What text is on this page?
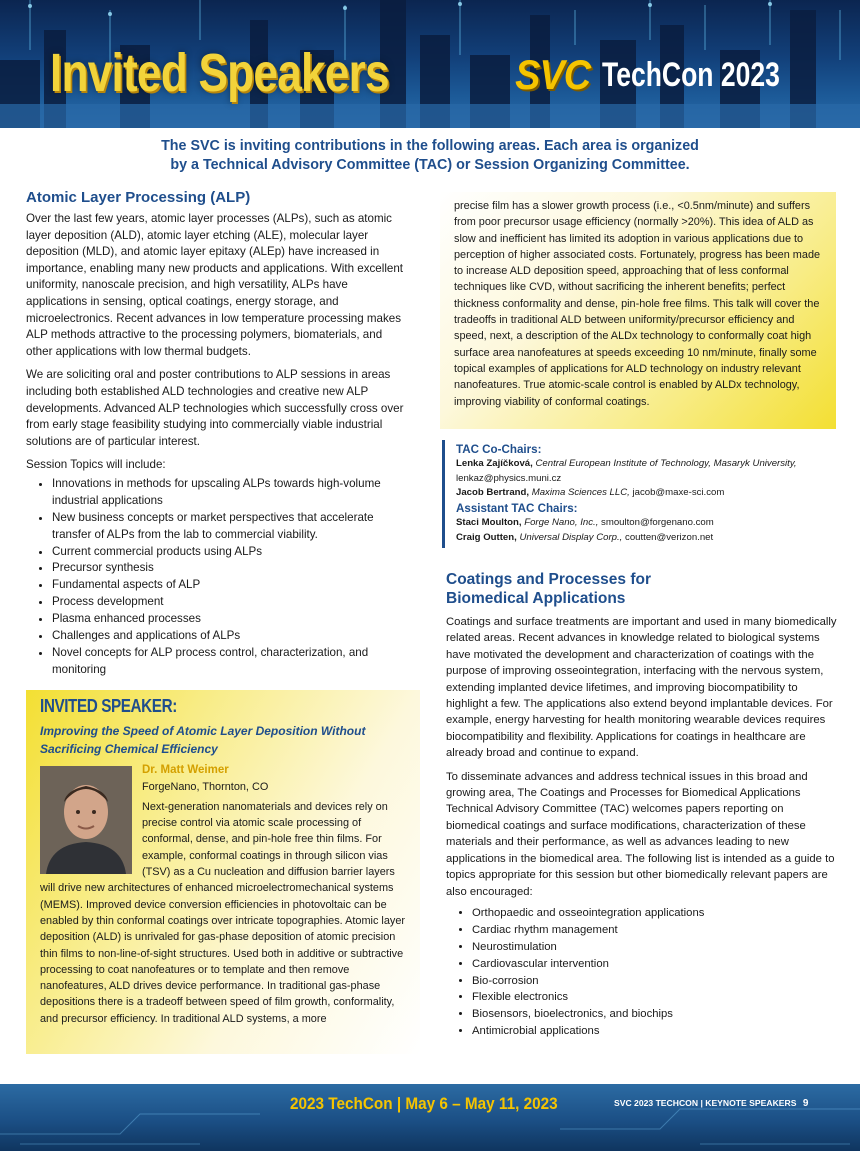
Invited Speakers	SVC TechCon 2023
The SVC is inviting contributions in the following areas. Each area is organized
by a Technical Advisory Committee (TAC) or Session Organizing Committee.
Atomic Layer Processing (ALP)

Over the last few years, atomic layer processes (ALPs), such as atomic layer deposition (ALD), atomic layer etching (ALE), molecular layer deposition (MLD), and atomic layer epitaxy (ALEp) have increased in importance, enabling many new products and applications. With excellent uniformity, nanoscale precision, and high versatility, ALPs have applications in sensing, optical coatings, energy storage, and microelectronics. Recent advances in low temperature processing makes ALP methods attractive to the processing polymers, biomaterials, and other applications with low thermal budgets.

We are soliciting oral and poster contributions to ALP sessions in areas including both established ALD technologies and creative new ALP developments. Advanced ALP technologies which successfully cross over from early stage feasibility studying into commercially viable industrial solutions are of particular interest.

Session Topics will include:
• Innovations in methods for upscaling ALPs towards high-volume industrial applications
• New business concepts or market perspectives that accelerate transfer of ALPs from the lab to commercial viability.
• Current commercial products using ALPs
• Precursor synthesis
• Fundamental aspects of ALP
• Process development
• Plasma enhanced processes
• Challenges and applications of ALPs
• Novel concepts for ALP process control, characterization, and monitoring
INVITED SPEAKER:
Improving the Speed of Atomic Layer Deposition Without Sacrificing Chemical Efficiency
Dr. Matt Weimer
ForgeNano, Thornton, CO
Next-generation nanomaterials and devices rely on precise control via atomic scale processing of conformal, dense, and pin-hole free thin films. For example, conformal coatings in through silicon vias (TSV) as a Cu nucleation and diffusion barrier layers will drive new architectures of enhanced microelectromechanical systems (MEMS). Improved device conversion efficiencies in photovoltaic can be enabled by thin conformal coatings over intricate topographies. Atomic layer deposition (ALD) is unrivaled for gas-phase deposition of atomic precision thin films to non-line-of-sight structures. Used both in additive or subtractive processing to coat nanofeatures or to template and then remove nanofeatures, ALD drives device performance. In traditional gas-phase depositions there is a tradeoff between speed of film growth, conformality, and precursor efficiency. In traditional ALD systems, a more
precise film has a slower growth process (i.e., <0.5nm/minute) and suffers from poor precursor usage efficiency (normally >20%). This idea of ALD as slow and inefficient has limited its adoption in various applications due to perception of higher associated costs. Fortunately, progress has been made to increase ALD deposition speed, approaching that of less conformal techniques like CVD, without sacrificing the inherent benefits; perfect thickness conformality and dense, pin-hole free films. This talk will cover the tradeoffs in traditional ALD between uniformity/precursor efficiency and speed, next, a description of the ALDx technology to conformally coat high surface area nanofeatures at speeds exceeding 10 nm/minute, finally some topical examples of applications for ALD technology on industry relevant nanofeatures. True atomic-scale control is enabled by ALDx technology, improving viability of conformal coatings.
TAC Co-Chairs:
Lenka Zajíčková, Central European Institute of Technology, Masaryk University,
lenkaz@physics.muni.cz
Jacob Bertrand, Maxima Sciences LLC, jacob@maxe-sci.com
Assistant TAC Chairs:
Staci Moulton, Forge Nano, Inc., smoulton@forgenano.com
Craig Outten, Universal Display Corp., coutten@verizon.net
Coatings and Processes for
Biomedical Applications

Coatings and surface treatments are important and used in many biomedically related areas. Recent advances in knowledge related to biological systems have motivated the development and characterization of coatings with the purpose of improving osseointegration, interfacing with the nervous system, extending implanted device lifetimes, and improving biocompatibility to highlight a few. The applications also extend beyond implantable devices. For example, energy harvesting for health monitoring wearable devices requires biocompatibility and flexibility. Applications for coatings in healthcare are already broad and continue to expand.

To disseminate advances and address technical issues in this broad and growing area, The Coatings and Processes for Biomedical Applications Technical Advisory Committee (TAC) welcomes papers reporting on biomedical coatings and surface modifications, characterization of these materials and their performance, as well as advances leading to new applications in the biomedical area. The following list is intended as a guide to topics appropriate for this session but other biomedically relevant papers are also encouraged:

• Orthopaedic and osseointegration applications
• Cardiac rhythm management
• Neurostimulation
• Cardiovascular intervention
• Bio-corrosion
• Flexible electronics
• Biosensors, bioelectronics, and biochips
• Antimicrobial applications
2023 TechCon | May 6 – May 11, 2023	SVC 2023 TECHCON | KEYNOTE SPEAKERS 9
